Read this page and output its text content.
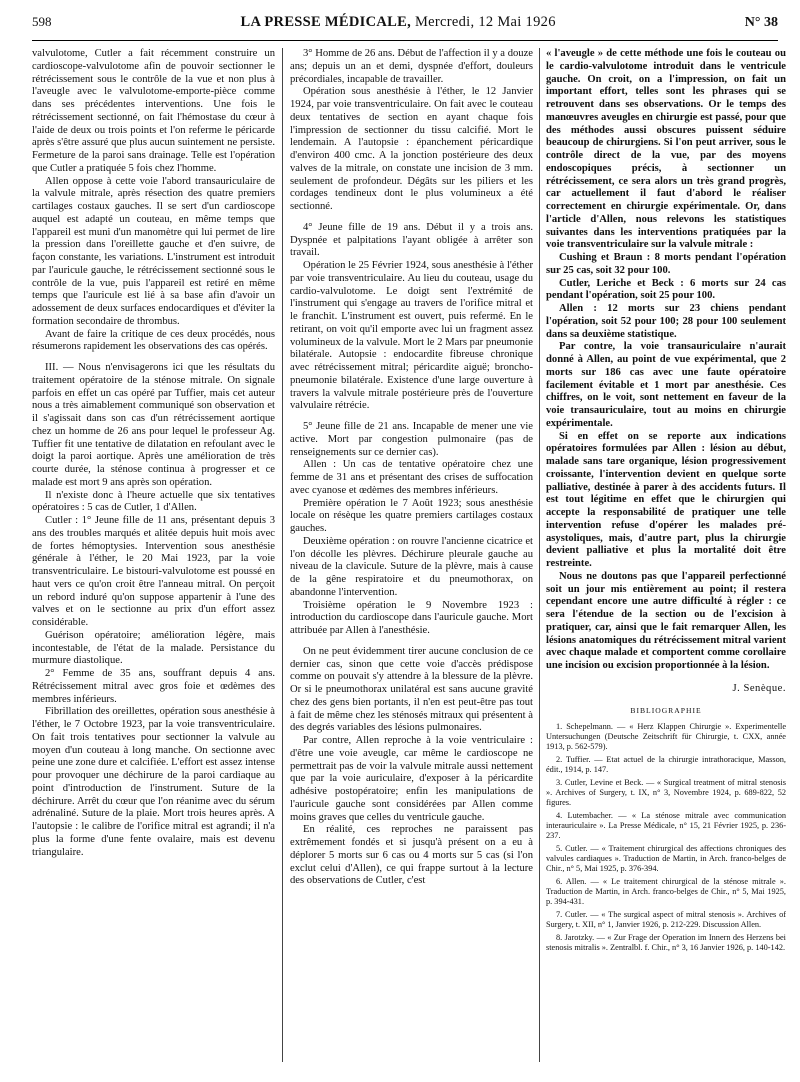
598	LA PRESSE MÉDICALE, Mercredi, 12 Mai 1926	N° 38

valvulotome, Cutler a fait récemment construire un cardioscope-valvulotome afin de pouvoir sectionner le rétrécissement sous le contrôle de la vue et non plus à l'aveugle avec le valvulotome-emporte-pièce comme dans ses précédentes interventions. Une fois le rétrécissement sectionné, on fait l'hémostase du cœur à l'aide de deux ou trois points et l'on referme le péricarde après s'être assuré que plus aucun suintement ne persiste. Fermeture de la paroi sans drainage. Telle est l'opération que Cutler a pratiquée 5 fois chez l'homme.

Allen oppose à cette voie l'abord transauriculaire de la valvule mitrale, après résection des quatre premiers cartilages costaux gauches. Il se sert d'un cardioscope auquel est adapté un couteau, en même temps que l'appareil est muni d'un manomètre qui lui permet de lire la pression dans l'oreillette gauche et d'en suivre, de façon constante, les variations. L'instrument est introduit par l'auricule gauche, le rétrécissement sectionné sous le contrôle de la vue, puis l'appareil est retiré en même temps que l'auricule est lié à sa base afin d'avoir un adossement de deux surfaces endocardiques et d'éviter la formation secondaire de thrombus.

Avant de faire la critique de ces deux procédés, nous résumerons rapidement les observations des cas opérés.

III. — Nous n'envisagerons ici que les résultats du traitement opératoire de la sténose mitrale. On signale parfois en effet un cas opéré par Tuffier, mais cet auteur nous a très aimablement communiqué son observation et il s'agissait dans son cas d'un rétrécissement aortique chez un homme de 26 ans pour lequel le professeur Ag. Tuffier fit une tentative de dilatation en refoulant avec le doigt la paroi aortique. Après une amélioration de très courte durée, la sténose continua à progresser et ce malade est mort 9 ans après son opération.

Il n'existe donc à l'heure actuelle que six tentatives opératoires : 5 cas de Cutler, 1 d'Allen.

Cutler : 1° Jeune fille de 11 ans, présentant depuis 3 ans des troubles marqués et alitée depuis huit mois avec de fortes hémoptysies. Intervention sous anesthésie générale à l'éther, le 20 Mai 1923, par la voie transventriculaire. Le bistouri-valvulotome est poussé en haut vers ce qu'on croit être l'anneau mitral. On perçoit un rebord induré qu'on suppose appartenir à l'une des valves et on le sectionne au prix d'un effort assez considérable.

Guérison opératoire; amélioration légère, mais incontestable, de l'état de la malade. Persistance du murmure diastolique.

2° Femme de 35 ans, souffrant depuis 4 ans. Rétrécissement mitral avec gros foie et œdèmes des membres inférieurs.

Fibrillation des oreillettes, opération sous anesthésie à l'éther, le 7 Octobre 1923, par la voie transventriculaire. On fait trois tentatives pour sectionner la valvule au moyen d'un couteau à long manche. On sectionne avec peine une zone dure et calcifiée. L'effort est assez intense pour provoquer une déchirure de la paroi cardiaque au point d'introduction de l'instrument. Suture de la déchirure. Arrêt du cœur que l'on réanime avec du sérum adrénaliné. Suture de la plaie. Mort trois heures après. A l'autopsie : le calibre de l'orifice mitral est agrandi; il n'a plus la forme d'une fente ovalaire, mais est devenu triangulaire.

3° Homme de 26 ans. Début de l'affection il y a douze ans; depuis un an et demi, dyspnée d'effort, douleurs précordiales, incapable de travailler.

Opération sous anesthésie à l'éther, le 12 Janvier 1924, par voie transventriculaire. On fait avec le couteau deux tentatives de section en ayant chaque fois l'impression de sectionner du tissu calcifié. Mort le lendemain. A l'autopsie : épanchement péricardique d'environ 400 cmc. A la jonction postérieure des deux valves de la mitrale, on constate une incision de 3 mm. seulement de profondeur. Dégâts sur les piliers et les cordages tendineux dont le plus volumineux a été sectionné.

4° Jeune fille de 19 ans. Début il y a trois ans. Dyspnée et palpitations l'ayant obligée à arrêter son travail.

Opération le 25 Février 1924, sous anesthésie à l'éther par voie transventriculaire. Au lieu du couteau, usage du cardio-valvulotome. Le doigt sent l'extrémité de l'instrument qui s'engage au travers de l'orifice mitral et le franchit. L'instrument est ouvert, puis refermé. En le retirant, on voit qu'il emporte avec lui un fragment assez volumineux de la valvule. Mort le 2 Mars par pneumonie bilatérale. Autopsie : endocardite fibreuse chronique avec rétrécissement mitral; péricardite aiguë; broncho-pneumonie bilatérale. Existence d'une large ouverture à travers la valvule mitrale postérieure près de l'ouverture valvulaire rétrécie.

5° Jeune fille de 21 ans. Incapable de mener une vie active. Mort par congestion pulmonaire (pas de renseignements sur ce dernier cas).

Allen : Un cas de tentative opératoire chez une femme de 31 ans et présentant des crises de suffocation avec cyanose et œdèmes des membres inférieurs.

Première opération le 7 Août 1923; sous anesthésie locale on résèque les quatre premiers cartilages costaux gauches.

Deuxième opération : on rouvre l'ancienne cicatrice et l'on décolle les plèvres. Déchirure pleurale gauche au niveau de la clavicule. Suture de la plèvre, mais à cause de la gêne respiratoire et du pneumothorax, on abandonne l'intervention.

Troisième opération le 9 Novembre 1923 : introduction du cardioscope dans l'auricule gauche. Mort attribuée par Allen à l'anesthésie.

On ne peut évidemment tirer aucune conclusion de ce dernier cas, sinon que cette voie d'accès prédispose comme on pouvait s'y attendre à la blessure de la plèvre. Or si le pneumothorax unilatéral est sans aucune gravité chez des gens bien portants, il n'en est peut-être pas tout à fait de même chez les sténosés mitraux qui présentent à des degrés variables des lésions pulmonaires.

Par contre, Allen reproche à la voie ventriculaire : d'être une voie aveugle, car même le cardioscope ne permettrait pas de voir la valvule mitrale aussi nettement que par la voie auriculaire, d'exposer à la péricardite adhésive postopératoire; enfin les manipulations de l'auricule gauche sont considérées par Allen comme moins graves que celles du ventricule gauche.

En réalité, ces reproches ne paraissent pas extrêmement fondés et si jusqu'à présent on a eu à déplorer 5 morts sur 6 cas ou 4 morts sur 5 cas (si l'on exclut celui d'Allen), ce qui frappe surtout à la lecture des observations de Cutler, c'est

« l'aveugle » de cette méthode une fois le couteau ou le cardio-valvulotome introduit dans le ventricule gauche. On croit, on a l'impression, on fait un important effort, telles sont les phrases qui se retrouvent dans ses observations. Or le temps des manœuvres aveugles en chirurgie est passé, pour que des méthodes aussi obscures puissent séduire beaucoup de chirurgiens. Si l'on peut arriver, sous le contrôle direct de la vue, par des moyens endoscopiques précis, à sectionner un rétrécissement, ce sera alors un très grand progrès, car actuellement il faut d'abord le réaliser correctement en chirurgie expérimentale. Or, dans l'article d'Allen, nous relevons les statistiques suivantes dans les interventions pratiquées par la voie transventriculaire sur la valvule mitrale :

Cushing et Braun : 8 morts pendant l'opération sur 25 cas, soit 32 pour 100.

Cutler, Leriche et Beck : 6 morts sur 24 cas pendant l'opération, soit 25 pour 100.

Allen : 12 morts sur 23 chiens pendant l'opération, soit 52 pour 100; 28 pour 100 seulement dans sa deuxième statistique.

Par contre, la voie transauriculaire n'aurait donné à Allen, au point de vue expérimental, que 2 morts sur 186 cas avec une faute opératoire facilement évitable et 1 mort par anesthésie. Ces chiffres, on le voit, sont nettement en faveur de la voie transauriculaire, tout au moins en chirurgie expérimentale.

Si en effet on se reporte aux indications opératoires formulées par Allen : lésion au début, malade sans tare organique, lésion progressivement croissante, l'intervention devient en quelque sorte palliative, destinée à parer à des accidents futurs. Il est tout légitime en effet que le chirurgien qui accepte la responsabilité de pratiquer une telle intervention refuse d'opérer les malades pré-asystoliques, mais, d'autre part, plus la chirurgie devient palliative et plus la mortalité doit être restreinte.

Nous ne doutons pas que l'appareil perfectionné soit un jour mis entièrement au point; il restera cependant encore une autre difficulté à régler : ce sera l'étendue de la section ou de l'excision à pratiquer, car, ainsi que le fait remarquer Allen, les lésions anatomiques du rétrécissement mitral varient avec chaque malade et comportent comme corollaire une incision ou excision proportionnée à la lésion.

J. Senèque.
BIBLIOGRAPHIE

1. Schepelmann. — « Herz Klappen Chirurgie ». Experimentelle Untersuchungen (Deutsche Zeitschrift für Chirurgie, t. CXX, année 1913, p. 562-579).

2. Tuffier. — Etat actuel de la chirurgie intrathoracique, Masson, édit., 1914, p. 147.

3. Cutler, Levine et Beck. — « Surgical treatment of mitral stenosis ». Archives of Surgery, t. IX, n° 3, Novembre 1924, p. 689-822, 52 figures.

4. Lutembacher. — « La sténose mitrale avec communication interauriculaire ». La Presse Médicale, n° 15, 21 Février 1925, p. 236-237.

5. Cutler. — « Traitement chirurgical des affections chroniques des valvules cardiaques ». Traduction de Martin, in Arch. franco-belges de Chir., n° 5, Mai 1925, p. 376-394.

6. Allen. — « Le traitement chirurgical de la sténose mitrale ». Traduction de Martin, in Arch. franco-belges de Chir., n° 5, Mai 1925, p. 394-431.

7. Cutler. — « The surgical aspect of mitral stenosis ». Archives of Surgery, t. XII, n° 1, Janvier 1926, p. 212-229. Discussion Allen.

8. Jarotzky. — « Zur Frage der Operation im Innern des Herzens bei stenosis mitralis ». Zentralbl. f. Chir., n° 3, 16 Janvier 1926, p. 140-142.
